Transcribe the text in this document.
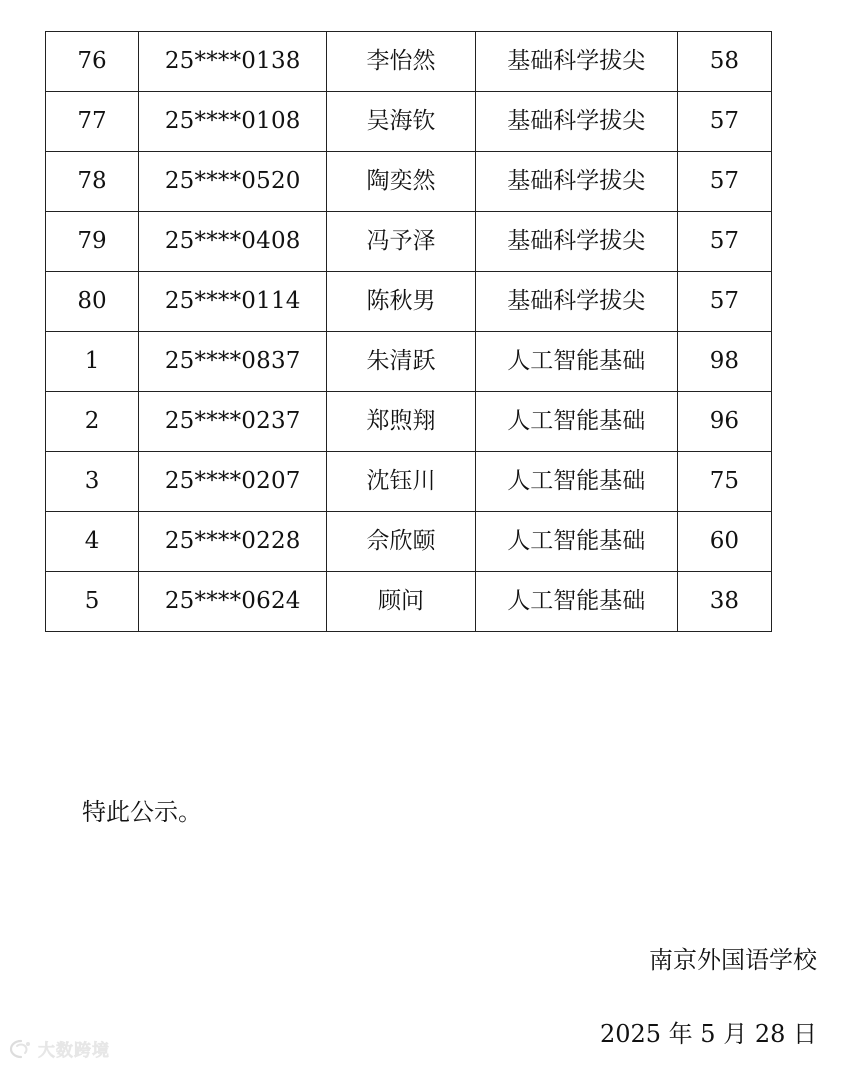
76	25****0138	李怡然	基础科学拔尖	58
77	25****0108	吴海钦	基础科学拔尖	57
78	25****0520	陶奕然	基础科学拔尖	57
79	25****0408	冯予泽	基础科学拔尖	57
80	25****0114	陈秋男	基础科学拔尖	57
1	25****0837	朱清跃	人工智能基础	98
2	25****0237	郑煦翔	人工智能基础	96
3	25****0207	沈钰川	人工智能基础	75
4	25****0228	佘欣颐	人工智能基础	60
5	25****0624	顾问	人工智能基础	38
特此公示。
南京外国语学校
2025 年 5 月 28 日
大数跨境
